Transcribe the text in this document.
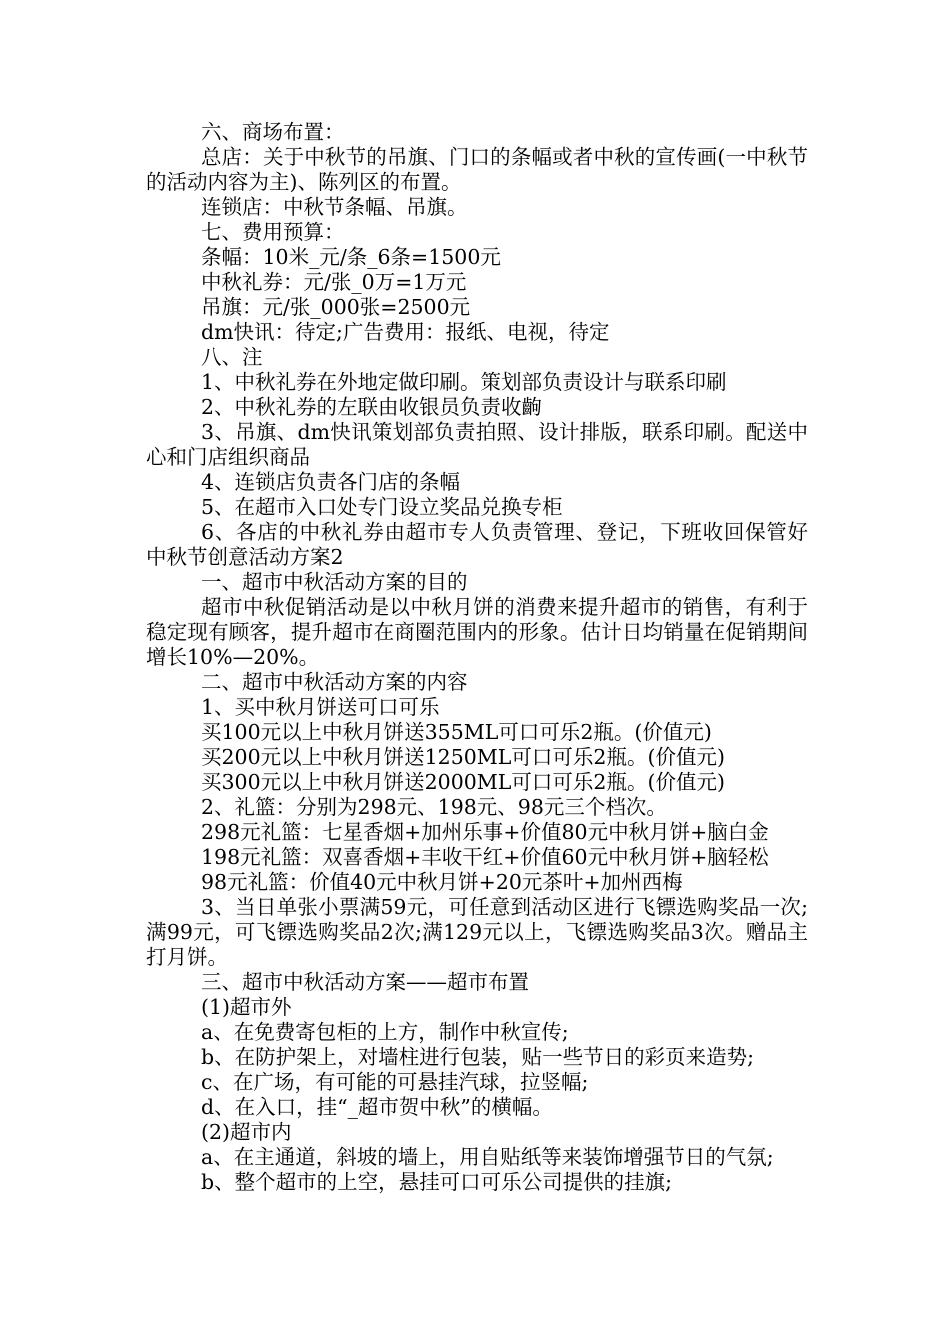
六、商场布置：

总店：关于中秋节的吊旗、门口的条幅或者中秋的宣传画(一中秋节的活动内容为主)、陈列区的布置。

连锁店：中秋节条幅、吊旗。

七、费用预算：

条幅：10米_元/条_6条=1500元

中秋礼券：元/张_0万=1万元

吊旗：元/张_000张=2500元

dm快讯：待定;广告费用：报纸、电视，待定

八、注

1、中秋礼券在外地定做印刷。策划部负责设计与联系印刷

2、中秋礼券的左联由收银员负责收齣

3、吊旗、dm快讯策划部负责拍照、设计排版，联系印刷。配送中心和门店组织商品

4、连锁店负责各门店的条幅

5、在超市入口处专门设立奖品兑换专柜

6、各店的中秋礼券由超市专人负责管理、登记，下班收回保管好      中秋节创意活动方案2

一、超市中秋活动方案的目的

超市中秋促销活动是以中秋月饼的消费来提升超市的销售，有利于稳定现有顾客，提升超市在商圈范围内的形象。估计日均销量在促销期间增长10%—20%。

二、超市中秋活动方案的内容

1、买中秋月饼送可口可乐

买100元以上中秋月饼送355ML可口可乐2瓶。(价值元)

买200元以上中秋月饼送1250ML可口可乐2瓶。(价值元)

买300元以上中秋月饼送2000ML可口可乐2瓶。(价值元)

2、礼篮：分别为298元、198元、98元三个档次。

298元礼篮：七星香烟+加州乐事+价值80元中秋月饼+脑白金

198元礼篮：双喜香烟+丰收干红+价值60元中秋月饼+脑轻松

98元礼篮：价值40元中秋月饼+20元茶叶+加州西梅

3、当日单张小票满59元，可任意到活动区进行飞镖选购奖品一次;满99元，可飞镖选购奖品2次;满129元以上，飞镖选购奖品3次。赠品主打月饼。

三、超市中秋活动方案——超市布置

(1)超市外

a、在免费寄包柜的上方，制作中秋宣传;

b、在防护架上，对墙柱进行包装，贴一些节日的彩页来造势;

c、在广场，有可能的可悬挂汽球，拉竖幅;

d、在入口，挂“_超市贺中秋”的横幅。

(2)超市内

a、在主通道，斜坡的墙上，用自贴纸等来装饰增强节日的气氛;

b、整个超市的上空，悬挂可口可乐公司提供的挂旗;
